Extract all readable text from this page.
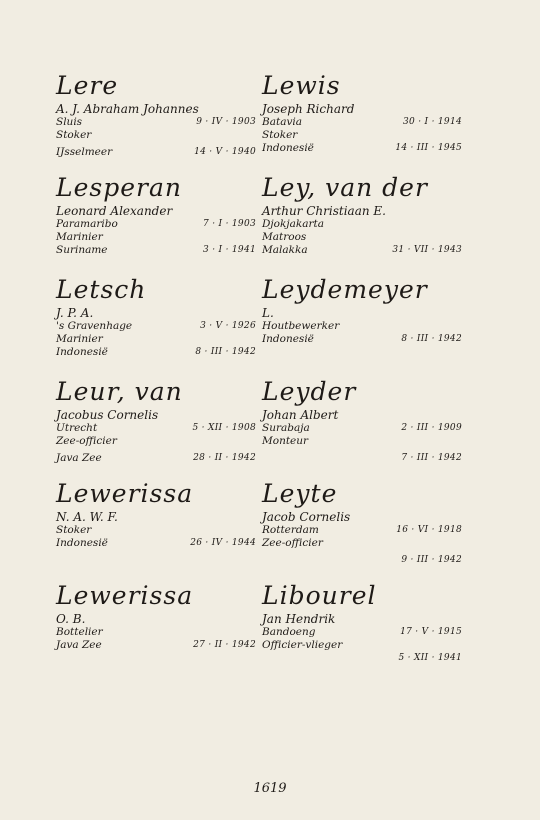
Lere
A. J. Abraham Johannes
Sluis	9 · IV · 1903
Stoker
IJsselmeer	14 · V · 1940
Lesperan
Leonard Alexander
Paramaribo	7 · I · 1903
Marinier
Suriname	3 · I · 1941
Letsch
J. P. A.
's Gravenhage	3 · V · 1926
Marinier
Indonesië	8 · III · 1942
Leur, van
Jacobus Cornelis
Utrecht	5 · XII · 1908
Zee-officier
Java Zee	28 · II · 1942
Lewerissa
N. A. W. F.
Stoker
Indonesië	26 · IV · 1944
Lewerissa
O. B.
Bottelier
Java Zee	27 · II · 1942
Lewis
Joseph Richard
Batavia	30 · I · 1914
Stoker
Indonesië	14 · III · 1945
Ley, van der
Arthur Christiaan E.
Djokjakarta
Matroos
Malakka	31 · VII · 1943
Leydemeyer
L.
Houtbewerker
Indonesië	8 · III · 1942
Leyder
Johan Albert
Surabaja	2 · III · 1909
Monteur
7 · III · 1942
Leyte
Jacob Cornelis
Rotterdam	16 · VI · 1918
Zee-officier
9 · III · 1942
Libourel
Jan Hendrik
Bandoeng	17 · V · 1915
Officier-vlieger
5 · XII · 1941
1619
